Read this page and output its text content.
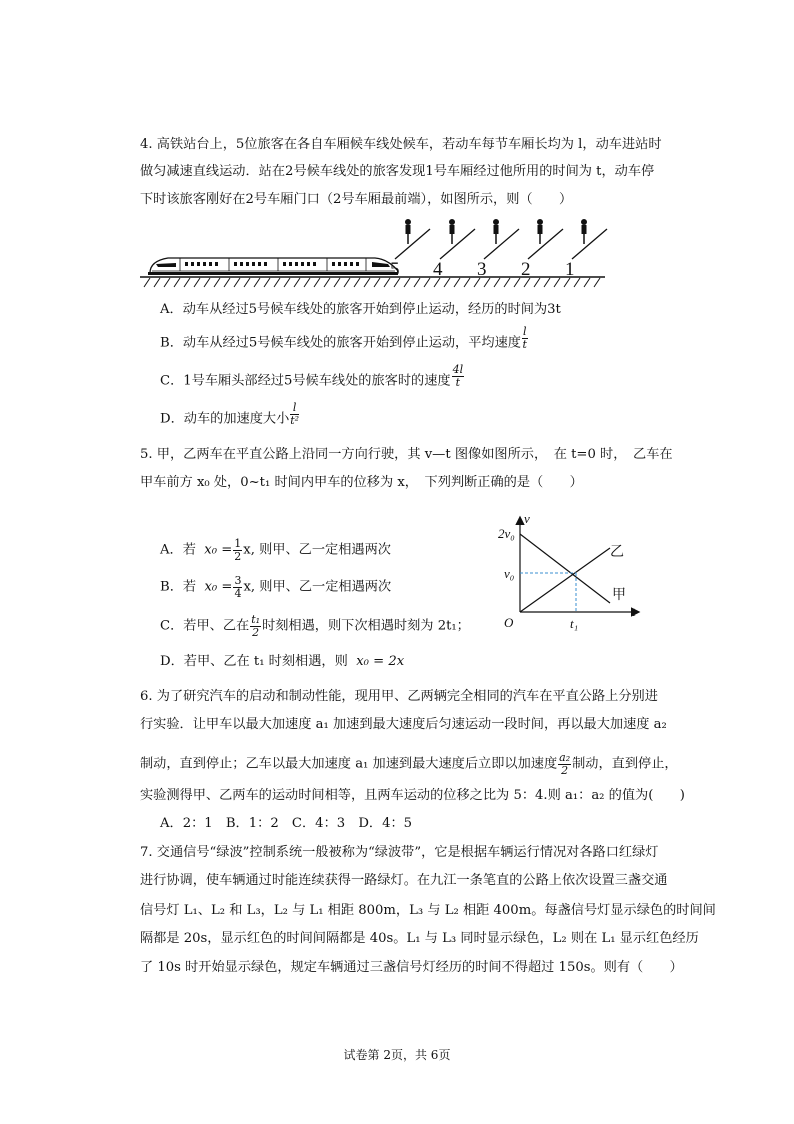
4. 高铁站台上，5位旅客在各自车厢候车线处候车，若动车每节车厢长均为 l，动车进站时
做匀减速直线运动．站在2号候车线处的旅客发现1号车厢经过他所用的时间为 t，动车停
下时该旅客刚好在2号车厢门口（2号车厢最前端），如图所示，则（　　）
5 4 3 2 1
A．动车从经过5号候车线处的旅客开始到停止运动，经历的时间为3t
B．动车从经过5号候车线处的旅客开始到停止运动，平均速度 $\frac{l}{t}$
C．1号车厢头部经过5号候车线处的旅客时的速度 $\frac{4l}{t}$
D．动车的加速度大小 $\frac{l}{\text{t²}}$
5. 甲，乙两车在平直公路上沿同一方向行驶，其 v—t 图像如图所示，　在 t=0 时，　乙车在
甲车前方 x₀ 处，0~t₁ 时间内甲车的位移为 x，　下列判断正确的是（　　）
A．若 $x_0 = \frac{1}{2} x$, 则甲、乙一定相遇两次
B．若 $x_0 = \frac{3}{4} x$, 则甲、乙一定相遇两次
C．若甲、乙在 $\frac{\text{t₁}}{2}$ 时刻相遇，则下次相遇时刻为 2t₁；
D．若甲、乙在 t₁ 时刻相遇，则 x₀ = 2x
v
t
O
2v₀
v₀
t₁
乙
甲
6. 为了研究汽车的启动和制动性能，现用甲、乙两辆完全相同的汽车在平直公路上分别进
行实验．让甲车以最大加速度 a₁ 加速到最大速度后匀速运动一段时间，再以最大加速度 a₂
制动，直到停止；乙车以最大加速度 a₁ 加速到最大速度后立即以加速度 $\frac{\text{a₂}}{2}$ 制动，直到停止，
实验测得甲、乙两车的运动时间相等，且两车运动的位移之比为 5：4.则 a₁：a₂ 的值为(　　)
A．2：1　B．1：2　C．4：3　D．4：5
7. 交通信号“绿波”控制系统一般被称为“绿波带”，它是根据车辆运行情况对各路口红绿灯
进行协调，使车辆通过时能连续获得一路绿灯。在九江一条笔直的公路上依次设置三盏交通
信号灯 L₁、L₂ 和 L₃，L₂ 与 L₁ 相距 800m，L₃ 与 L₂ 相距 400m。每盏信号灯显示绿色的时间间
隔都是 20s，显示红色的时间间隔都是 40s。L₁ 与 L₃ 同时显示绿色，L₂ 则在 L₁ 显示红色经历
了 10s 时开始显示绿色，规定车辆通过三盏信号灯经历的时间不得超过 150s。则有（　　）
试卷第 2页，共 6页
